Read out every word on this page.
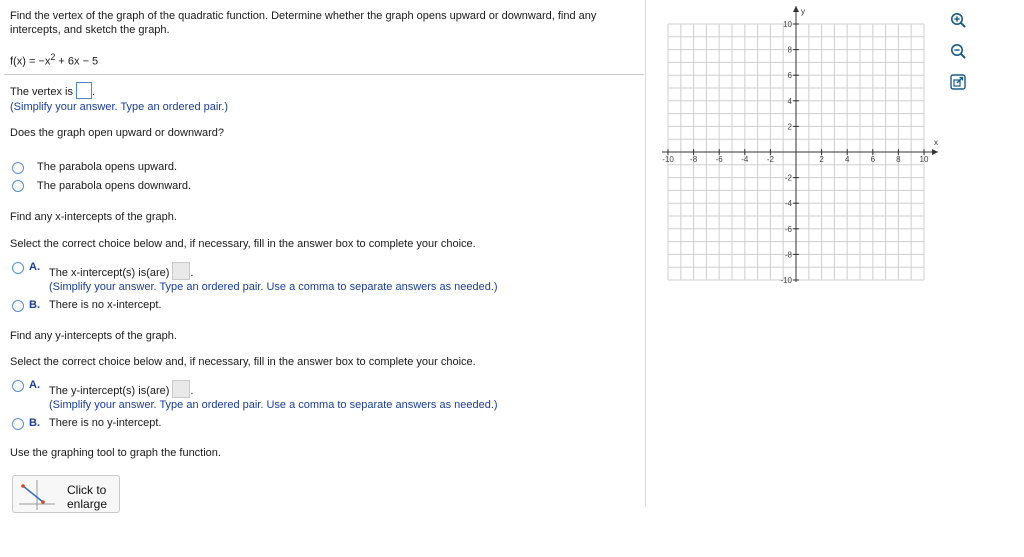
Find the vertex of the graph of the quadratic function. Determine whether the graph opens upward or downward, find any intercepts, and sketch the graph.
$f(x) = -x^2 + 6x - 5$
The vertex is .
(Simplify your answer. Type an ordered pair.)
Does the graph open upward or downward?
The parabola opens upward.
The parabola opens downward.
Find any x-intercepts of the graph.
Select the correct choice below and, if necessary, fill in the answer box to complete your choice.
A. The x-intercept(s) is(are) .
(Simplify your answer. Type an ordered pair. Use a comma to separate answers as needed.)
B. There is no x-intercept.
Find any y-intercepts of the graph.
Select the correct choice below and, if necessary, fill in the answer box to complete your choice.
A. The y-intercept(s) is(are) .
(Simplify your answer. Type an ordered pair. Use a comma to separate answers as needed.)
B. There is no y-intercept.
Use the graphing tool to graph the function.
Click to
enlarge
x
y
-10 -8 -6 -4 -2	2	4	6	8 10
10
8
6
4
2
-2
-4
-6
-8
-10
